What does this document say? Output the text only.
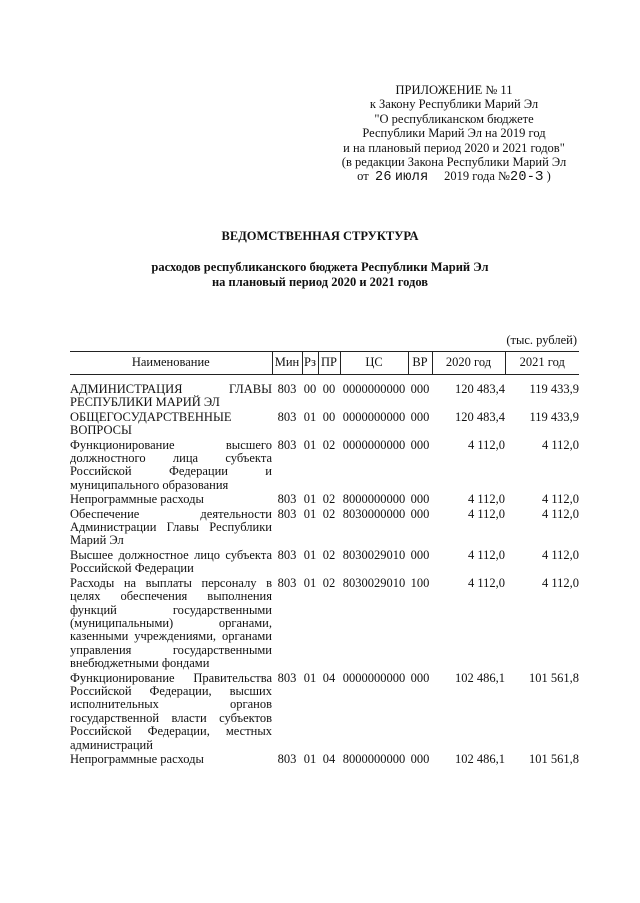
ПРИЛОЖЕНИЕ № 11
к Закону Республики Марий Эл
"О республиканском бюджете
Республики Марий Эл на 2019 год
и на плановый период 2020 и 2021 годов"
(в редакции Закона Республики Марий Эл
от 26 июля 2019 года №20-З )
ВЕДОМСТВЕННАЯ СТРУКТУРА
расходов республиканского бюджета Республики Марий Эл
на плановый период 2020 и 2021 годов
(тыс. рублей)
Наименование	Мин	Рз	ПР	ЦС	ВР	2020 год	2021 год
АДМИНИСТРАЦИЯ ГЛАВЫ РЕСПУБЛИКИ МАРИЙ ЭЛ	803	00	00	0000000000	000	120 483,4	119 433,9
ОБЩЕГОСУДАРСТВЕННЫЕ ВОПРОСЫ	803	01	00	0000000000	000	120 483,4	119 433,9
Функционирование высшего должностного лица субъекта Российской Федерации и муниципального образования	803	01	02	0000000000	000	4 112,0	4 112,0
Непрограммные расходы	803	01	02	8000000000	000	4 112,0	4 112,0
Обеспечение деятельности Администрации Главы Республики Марий Эл	803	01	02	8030000000	000	4 112,0	4 112,0
Высшее должностное лицо субъекта Российской Федерации	803	01	02	8030029010	000	4 112,0	4 112,0
Расходы на выплаты персоналу в целях обеспечения выполнения функций государственными (муниципальными) органами, казенными учреждениями, органами управления государственными внебюджетными фондами	803	01	02	8030029010	100	4 112,0	4 112,0
Функционирование Правительства Российской Федерации, высших исполнительных органов государственной власти субъектов Российской Федерации, местных администраций	803	01	04	0000000000	000	102 486,1	101 561,8
Непрограммные расходы	803	01	04	8000000000	000	102 486,1	101 561,8
